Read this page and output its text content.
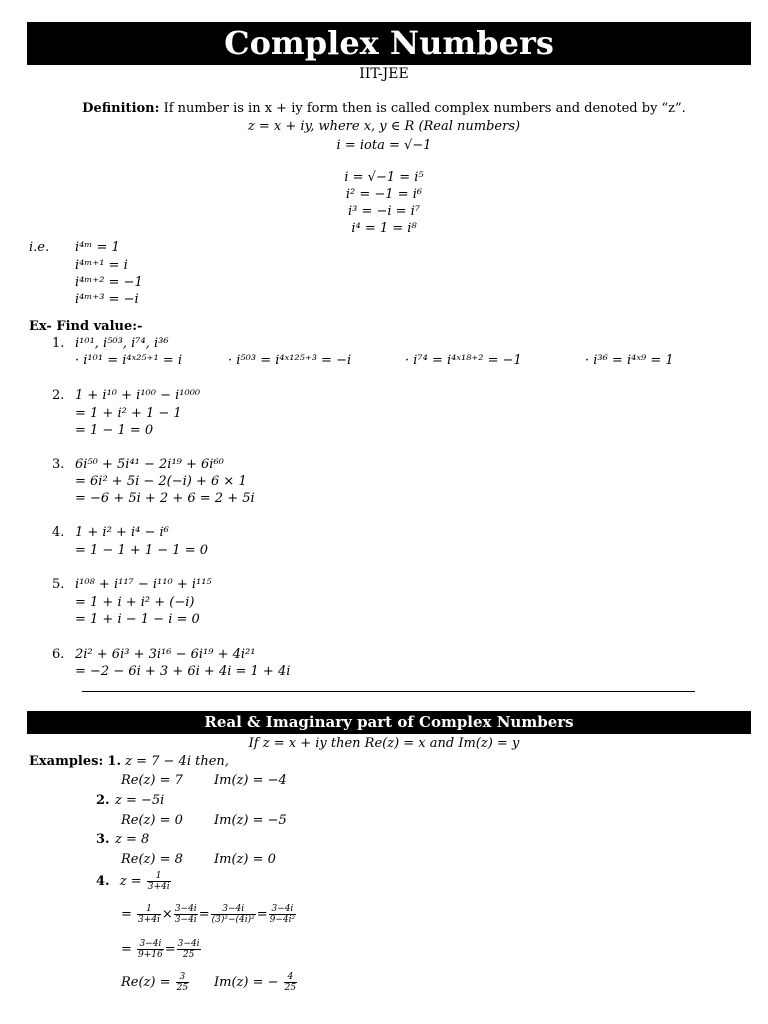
Complex Numbers
IIT-JEE
Definition: If number is in x + iy form then is called complex numbers and denoted by “z”.
z = x + iy, where x, y ∈ R (Real numbers)
i = iota = √−1
i = √−1 = i⁵
i² = −1 = i⁶
i³ = −i = i⁷
i⁴ = 1 = i⁸
i.e. i⁴ᵐ = 1
i⁴ᵐ⁺¹ = i
i⁴ᵐ⁺² = −1
i⁴ᵐ⁺³ = −i
Ex- Find value:-
1. i¹⁰¹, i⁵⁰³, i⁷⁴, i³⁶
· i¹⁰¹ = i⁴ˣ²⁵⁺¹ = i	· i⁵⁰³ = i⁴ˣ¹²⁵⁺³ = −i	· i⁷⁴ = i⁴ˣ¹⁸⁺² = −1	· i³⁶ = i⁴ˣ⁹ = 1
2. 1 + i¹⁰ + i¹⁰⁰ − i¹⁰⁰⁰
= 1 + i² + 1 − 1
= 1 − 1 = 0
3. 6i⁵⁰ + 5i⁴¹ − 2i¹⁹ + 6i⁶⁰
= 6i² + 5i − 2(−i) + 6 × 1
= −6 + 5i + 2 + 6 = 2 + 5i
4. 1 + i² + i⁴ − i⁶
= 1 − 1 + 1 − 1 = 0
5. i¹⁰⁸ + i¹¹⁷ − i¹¹⁰ + i¹¹⁵
= 1 + i + i² + (−i)
= 1 + i − 1 − i = 0
6. 2i² + 6i³ + 3i¹⁶ − 6i¹⁹ + 4i²¹
= −2 − 6i + 3 + 6i + 4i = 1 + 4i
Real & Imaginary part of Complex Numbers
If z = x + iy then Re(z) = x and Im(z) = y
Examples: 1. z = 7 − 4i then,
Re(z) = 7 Im(z) = −4
2. z = −5i
Re(z) = 0 Im(z) = −5
3. z = 8
Re(z) = 8 Im(z) = 0
4. $z = \frac{1}{3+4i}$
= $\frac{1}{3+4i} \times \frac{3-4i}{3-4i} = \frac{3-4i}{\text{(3)²−(4i)²}} = \frac{3-4i}{\text{9−4i²}}$
= $\frac{3-4i}{9+16} = \frac{3-4i}{25}$
$Re(z) = \frac{3}{25} Im(z)$ = − $\frac{4}{25}$
